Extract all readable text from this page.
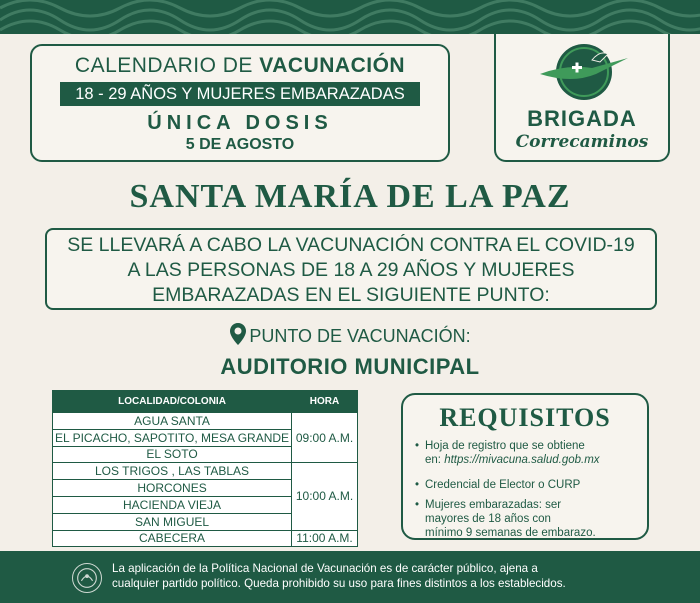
CALENDARIO DE VACUNACIÓN
18 - 29 AÑOS Y MUJERES EMBARAZADAS
ÚNICA DOSIS
5 DE AGOSTO
BRIGADA
Correcaminos
SANTA MARÍA DE LA PAZ
SE LLEVARÁ A CABO LA VACUNACIÓN CONTRA EL COVID-19
A LAS PERSONAS DE 18 A 29 AÑOS Y MUJERES
EMBARAZADAS EN EL SIGUIENTE PUNTO:
PUNTO DE VACUNACIÓN:
AUDITORIO MUNICIPAL
LOCALIDAD/COLONIA	HORA
AGUA SANTA	09:00 A.M.
EL PICACHO, SAPOTITO, MESA GRANDE	
EL SOTO	
LOS TRIGOS , LAS TABLAS	10:00 A.M.
HORCONES	
HACIENDA VIEJA	
SAN MIGUEL	
CABECERA	11:00 A.M.
REQUISITOS
• Hoja de registro que se obtiene
en: https://mivacuna.salud.gob.mx
• Credencial de Elector o CURP
• Mujeres embarazadas: ser
mayores de 18 años con
mínimo 9 semanas de embarazo.
La aplicación de la Política Nacional de Vacunación es de carácter público, ajena a
cualquier partido político. Queda prohibido su uso para fines distintos a los establecidos.
